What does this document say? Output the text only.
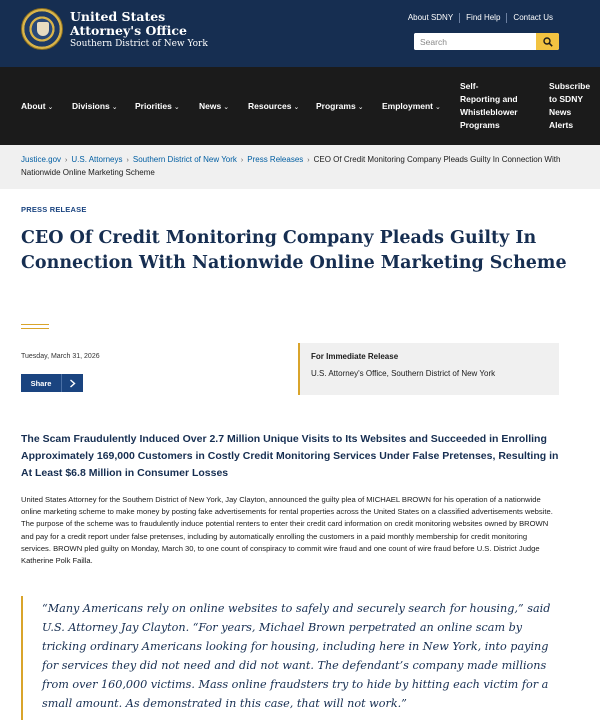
United States
Attorney's Office
Southern District of New York
About SDNY	Find Help	Contact Us
Search
About ⌄ Divisions ⌄ Priorities ⌄ News ⌄ Resources ⌄ Programs ⌄ Employment ⌄
Self-
Reporting and
Whistleblower
Programs
Subscribe
to SDNY
News
Alerts
Justice.gov › U.S. Attorneys › Southern District of New York › Press Releases › CEO Of Credit Monitoring Company Pleads Guilty In Connection With Nationwide Online Marketing Scheme
PRESS RELEASE
CEO Of Credit Monitoring Company Pleads Guilty In Connection With Nationwide Online Marketing Scheme
Tuesday, March 31, 2026
Share
For Immediate Release
U.S. Attorney's Office, Southern District of New York
The Scam Fraudulently Induced Over 2.7 Million Unique Visits to Its Websites and Succeeded in Enrolling Approximately 169,000 Customers in Costly Credit Monitoring Services Under False Pretenses, Resulting in At Least $6.8 Million in Consumer Losses

United States Attorney for the Southern District of New York, Jay Clayton, announced the guilty plea of MICHAEL BROWN for his operation of a nationwide online marketing scheme to make money by posting fake advertisements for rental properties across the United States on a classified advertisements website. The purpose of the scheme was to fraudulently induce potential renters to enter their credit card information on credit monitoring websites owned by BROWN and pay for a credit report under false pretenses, including by automatically enrolling the customers in a paid monthly membership for credit monitoring services. BROWN pled guilty on Monday, March 30, to one count of conspiracy to commit wire fraud and one count of wire fraud before U.S. District Judge Katherine Polk Failla.

“Many Americans rely on online websites to safely and securely search for housing,” said U.S. Attorney Jay Clayton. “For years, Michael Brown perpetrated an online scam by tricking ordinary Americans looking for housing, including here in New York, into paying for services they did not need and did not want. The defendant’s company made millions from over 160,000 victims. Mass online fraudsters try to hide by hitting each victim for a small amount. As demonstrated in this case, that will not work.”
